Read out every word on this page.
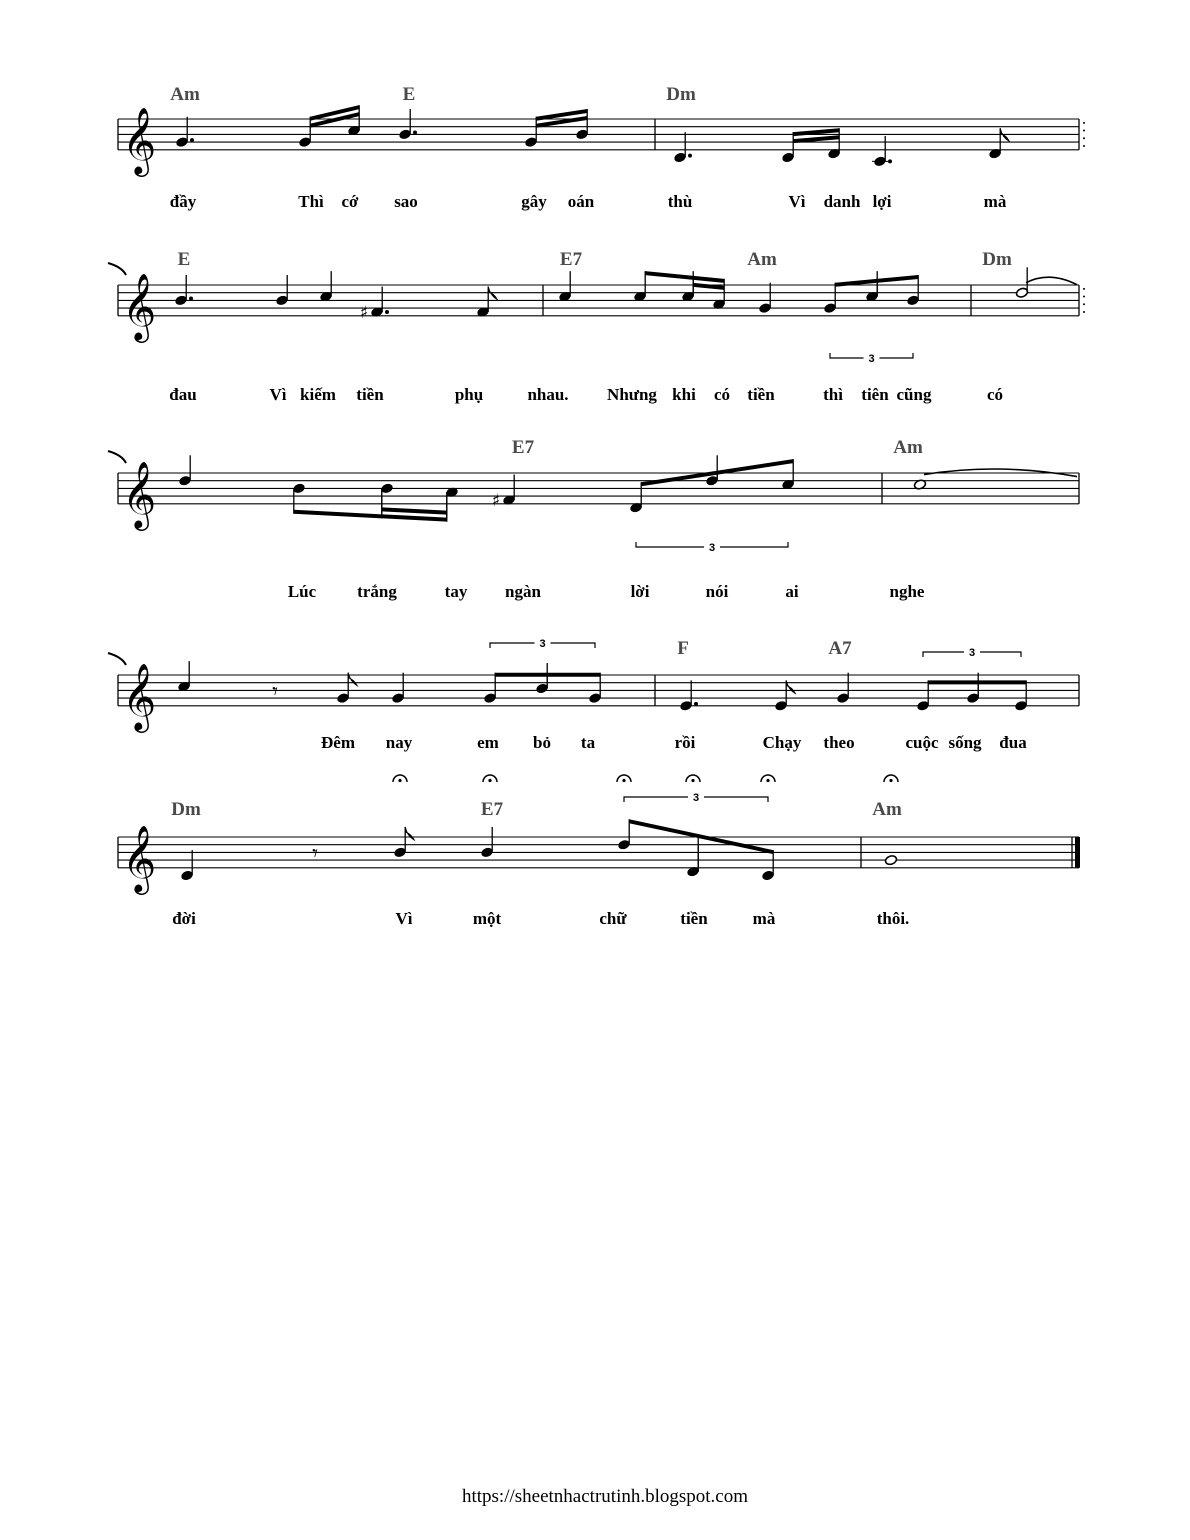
𝄞
Am	E	Dm
đầy	Thì cớ sao	gây oán	thù	Vì danh lợi	mà
𝄞
E	E7	Am	Dm
đau	Vì kiếm tiền	phụ	nhau. Nhưng khi có tiền	thì tiên cũng	có
♯
3
𝄞
E7	Am
Lúc trắng	tay ngàn	lời	nói	ai	nghe
♯
3
𝄞
F	A7
Đêm nay	em bỏ ta	rồi	Chạy theo	cuộc sống đua
𝄾
3
3
𝄞
Dm	E7	Am
đời	Vì	một	chữ	tiền	mà	thôi.
𝄾
3
https://sheetnhactrutinh.blogspot.com
